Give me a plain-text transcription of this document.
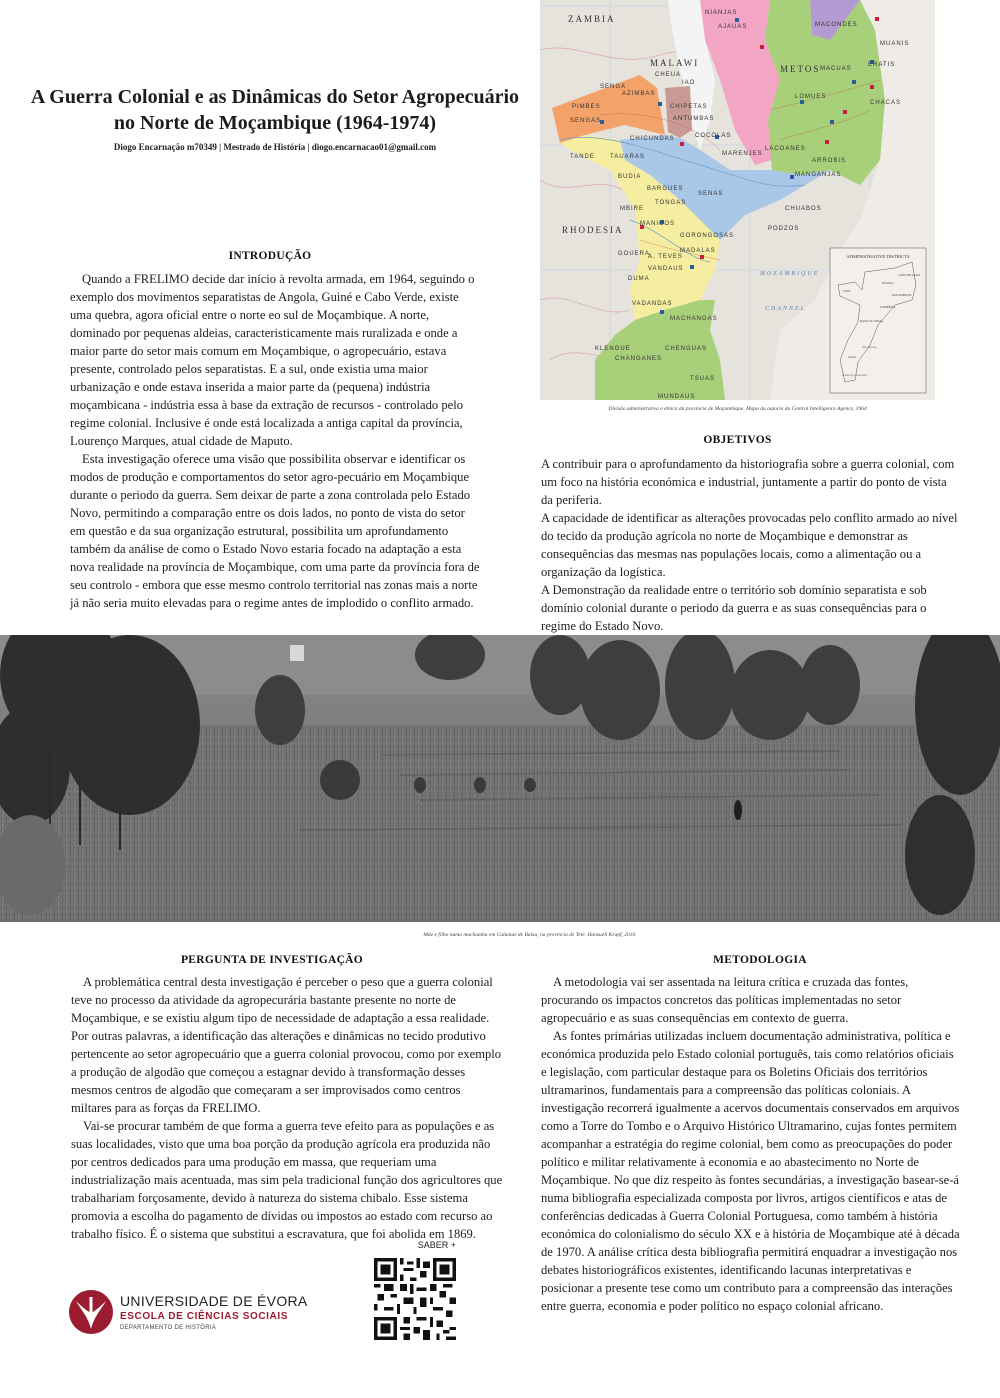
A Guerra Colonial e as Dinâmicas do Setor Agropecuário
no Norte de Moçambique (1964-1974)
Diogo Encarnação m70349 | Mestrado de História | diogo.encarnacao01@gmail.com
INTRODUÇÃO

Quando a FRELIMO decide dar início à revolta armada, em 1964, seguindo o exemplo dos movimentos separatistas de Angola, Guiné e Cabo Verde, existe uma quebra, agora oficial entre o norte eo sul de Moçambique. A norte, dominado por pequenas aldeias, caracteristicamente mais ruralizada e onde a maior parte do setor mais comum em Moçambique, o agropecuário, estava presente, controlado pelos separatistas. E a sul, onde existia uma maior urbanização e onde estava inserida a maior parte da (pequena) indústria moçambicana - indústria essa à base da extração de recursos - controlado pelo regime colonial. Inclusive é onde está localizada a antiga capital da província, Lourenço Marques, atual cidade de Maputo.

Esta investigação oferece uma visão que possibilita observar e identificar os modos de produção e comportamentos do setor agro-pecuário em Moçambique durante o periodo da guerra. Sem deixar de parte a zona controlada pelo Estado Novo, permitindo a comparação entre os dois lados, no ponto de vista do setor em questão e da sua organização estrutural, possibilita um aprofundamento também da análise de como o Estado Novo estaria focado na adaptação a esta nova realidade na província de Moçambique, com uma parte da província fora de seu controlo - embora que esse mesmo controlo territorial nas zonas mais a norte já não seria muito elevadas para o regime antes de implodido o conflito armado.

ZAMBIA
MALAWI
RHODESIA
MOZAMBIQUE
CHANNEL
PIMBES
SENGAS
AZIMBAS
SENGA
CHEUA
IAO
CHIPETAS
ANTUMBAS
CHICUNDAS	COCOLAS
MARENJES
TANDE	TAUARAS
BUDIA
BARGUES
SENAS
TONGAS
MBIRE
MANICOS
GORONGOSAS
MADALAS
A. TEVES
VANDAUS
VADANDAS
MACHANGAS
CHANGANES
CHENGUAS
TSUAS
MUNDAUS
NIANJAS
AJAUAS	MACONDES
METOS MACUAS
LOMUES
CHUABOS
PODZOS
ARROBIS
LACOANES
MANGANJAS
CHACAS
ERATIS
MUANIS
GOUERA
DUMA
KLENGUE
ADMINISTRATIVE DISTRICTS
NIASSA
CABO DELGADO
MOÇAMBIQUE
ZAMBÉZIA
TETE
MANICA E SOFALA
GAZA
INHAMBANE
LOURENÇO MARQUES
Divisão administrativa e étnica da província de Moçambique. Mapa da autoria da Central Intelligence Agency, 1964
OBJETIVOS

A contribuir para o aprofundamento da historiografia sobre a guerra colonial, com um foco na história económica e industrial, juntamente a partir do ponto de vista da periferia.

A capacidade de identificar as alterações provocadas pelo conflito armado ao nível do tecido da produção agrícola no norte de Moçambique e demonstrar as consequências das mesmas nas populações locais, como a alimentação ou a organização da logística.

A Demonstração da realidade entre o território sob domínio separatista e sob domínio colonial durante o periodo da guerra e as suas consequências para o regime do Estado Novo.

Mãe e filho numa machamba em Calumue de Baixa, na província de Tete. Hansueli Krapf, 2010.
PERGUNTA DE INVESTIGAÇÃO

A problemática central desta investigação é perceber o peso que a guerra colonial teve no processo da atividade da agropecurária bastante presente no norte de Moçambique, e se existiu algum tipo de necessidade de adaptação a essa realidade. Por outras palavras, a identificação das alterações e dinâmicas no tecido produtivo pertencente ao setor agropecuário que a guerra colonial provocou, como por exemplo a produção de algodão que começou a estagnar devido à transformação desses mesmos centros de algodão que começaram a ser improvisados como centros miltares para as forças da FRELIMO.

Vai-se procurar também de que forma a guerra teve efeito para as populações e as suas localidades, visto que uma boa porção da produção agrícola era produzida não por centros dedicados para uma produção em massa, que requeriam uma industrialização mais acentuada, mas sim pela tradicional função dos agricultores que trabalhariam forçosamente, devido à natureza do sistema chibalo. Esse sistema promovia a escolha do pagamento de dívidas ou impostos ao estado com recurso ao trabalho físico. É o sistema que substitui a escravatura, que foi abolida em 1869.

METODOLOGIA

A metodologia vai ser assentada na leitura crítica e cruzada das fontes, procurando os impactos concretos das políticas implementadas no setor agropecuário e as suas consequências em contexto de guerra.

As fontes primárias utilizadas incluem documentação administrativa, política e económica produzida pelo Estado colonial português, tais como relatórios oficiais e legislação, com particular destaque para os Boletins Oficiais dos territórios ultramarinos, fundamentais para a compreensão das políticas coloniais. A investigação recorrerá igualmente a acervos documentais conservados em arquivos como a Torre do Tombo e o Arquivo Histórico Ultramarino, cujas fontes permitem acompanhar a estratégia do regime colonial, bem como as preocupações do poder político e militar relativamente à economia e ao abastecimento no Norte de Moçambique. No que diz respeito às fontes secundárias, a investigação basear-se-á numa bibliografia especializada composta por livros, artigos científicos e atas de conferências dedicadas à Guerra Colonial Portuguesa, como também à história económica do colonialismo do século XX e à história de Moçambique até à década de 1970. A análise crítica desta bibliografia permitirá enquadrar a investigação nos debates historiográficos existentes, identificando lacunas interpretativas e posicionar a presente tese como um contributo para a compreensão das interações entre guerra, economia e poder político no espaço colonial africano.

UNIVERSIDADE DE ÉVORA
ESCOLA DE CIÊNCIAS SOCIAIS
DEPARTAMENTO DE HISTÓRIA
SABER +
